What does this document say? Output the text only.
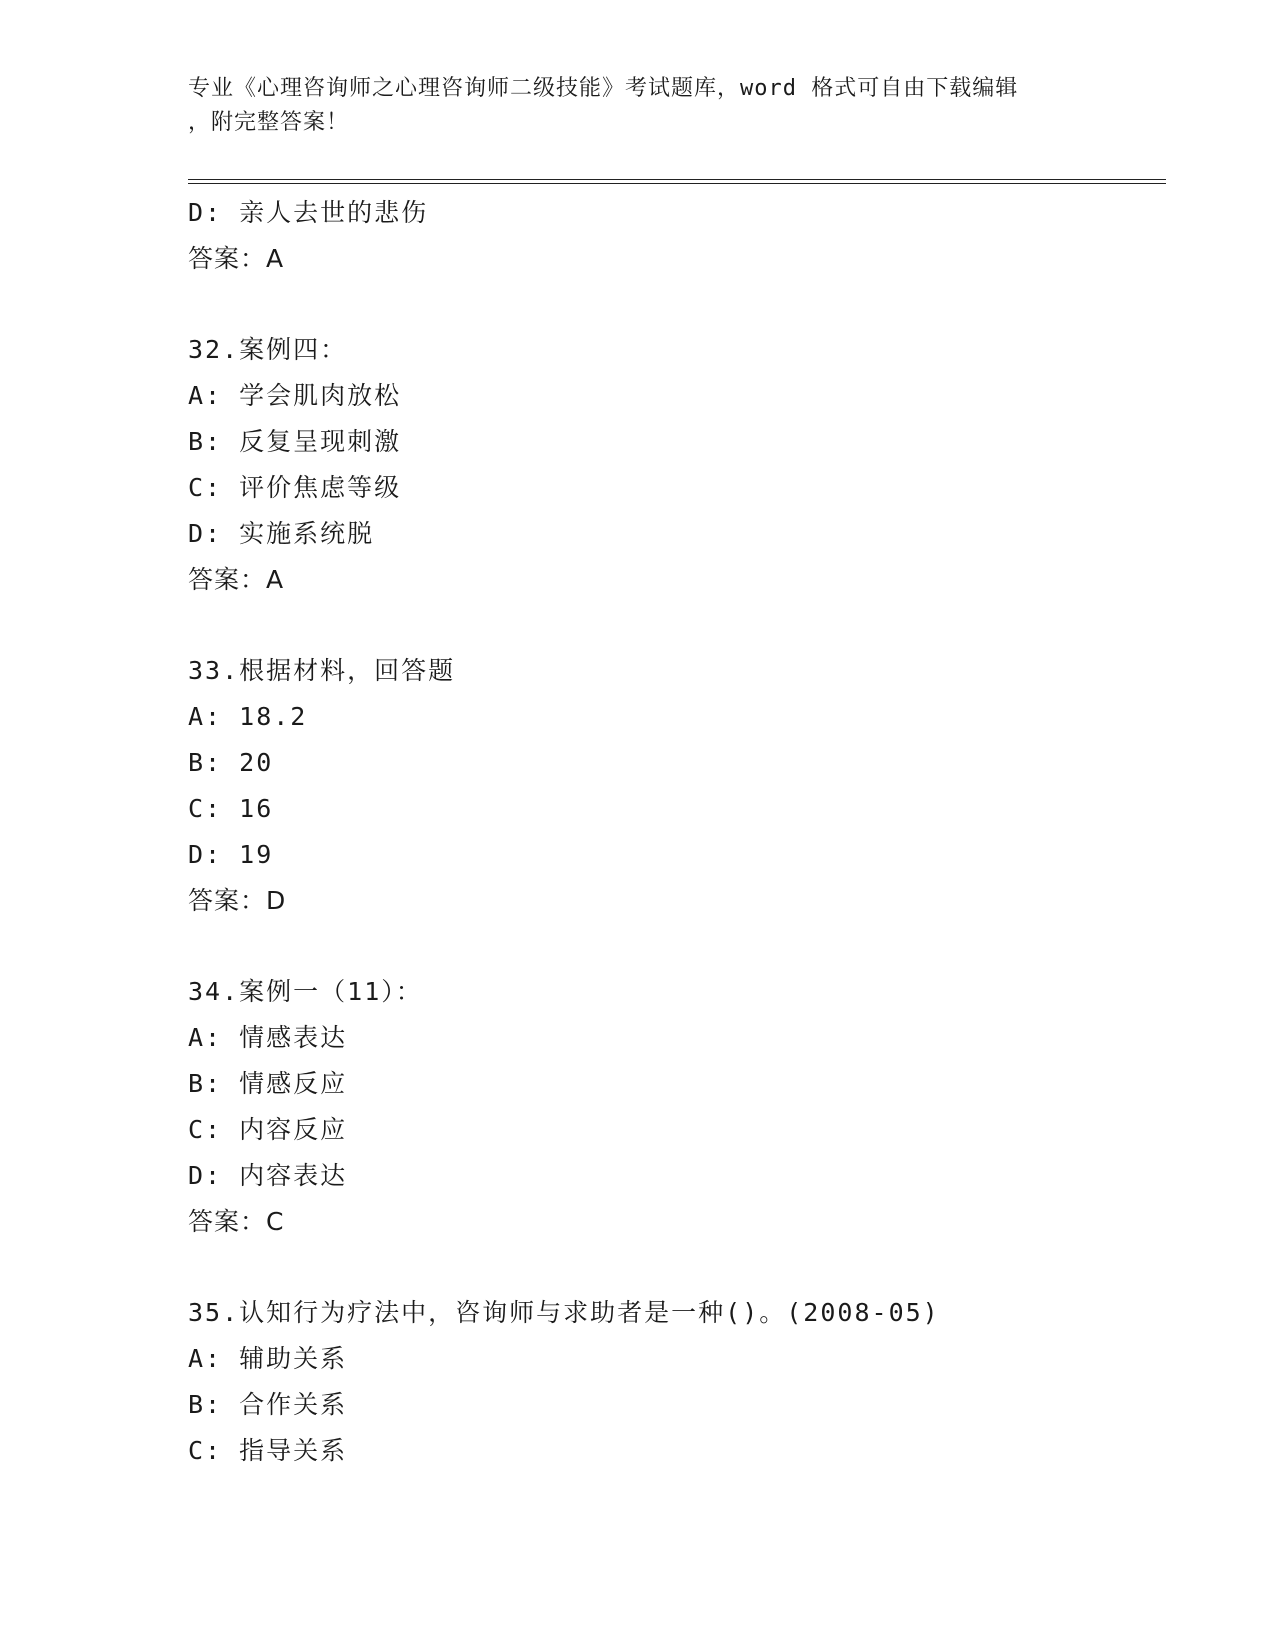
专业《心理咨询师之心理咨询师二级技能》考试题库，word 格式可自由下载编辑
，附完整答案！
D: 亲人去世的悲伤
答案：A
32.案例四：
A: 学会肌肉放松
B: 反复呈现刺激
C: 评价焦虑等级
D: 实施系统脱
答案：A
33.根据材料，回答题
A: 18.2
B: 20
C: 16
D: 19
答案：D
34.案例一（11）：
A: 情感表达
B: 情感反应
C: 内容反应
D: 内容表达
答案：C
35.认知行为疗法中，咨询师与求助者是一种()。(2008-05)
A: 辅助关系
B: 合作关系
C: 指导关系
